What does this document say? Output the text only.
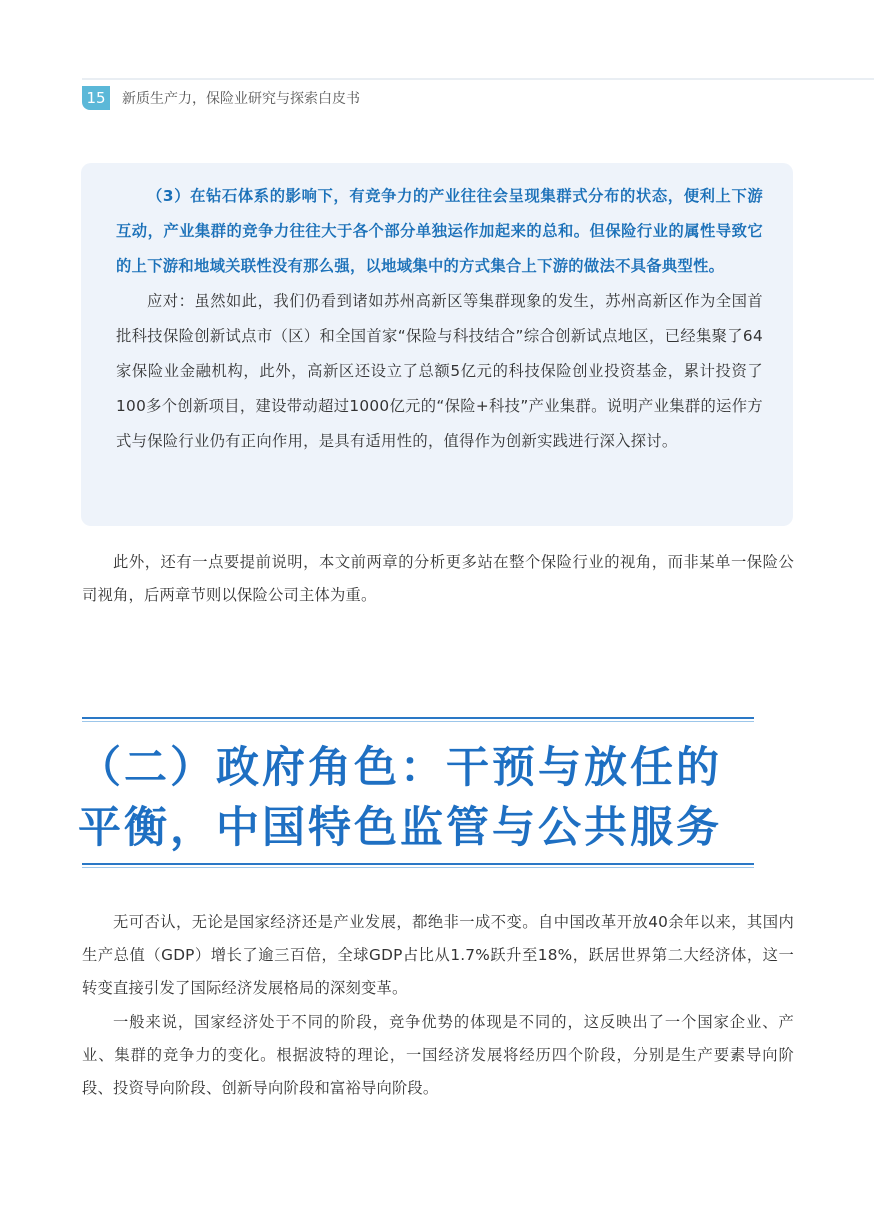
15	新质生产力，保险业研究与探索白皮书

（3）在钻石体系的影响下，有竞争力的产业往往会呈现集群式分布的状态，便利上下游互动，产业集群的竞争力往往大于各个部分单独运作加起来的总和。但保险行业的属性导致它的上下游和地域关联性没有那么强，以地域集中的方式集合上下游的做法不具备典型性。

应对：虽然如此，我们仍看到诸如苏州高新区等集群现象的发生，苏州高新区作为全国首批科技保险创新试点市（区）和全国首家“保险与科技结合”综合创新试点地区，已经集聚了64家保险业金融机构，此外，高新区还设立了总额5亿元的科技保险创业投资基金，累计投资了100多个创新项目，建设带动超过1000亿元的“保险+科技”产业集群。说明产业集群的运作方式与保险行业仍有正向作用，是具有适用性的，值得作为创新实践进行深入探讨。

此外，还有一点要提前说明，本文前两章的分析更多站在整个保险行业的视角，而非某单一保险公司视角，后两章节则以保险公司主体为重。

（二）政府角色：干预与放任的
平衡，中国特色监管与公共服务

无可否认，无论是国家经济还是产业发展，都绝非一成不变。自中国改革开放40余年以来，其国内生产总值（GDP）增长了逾三百倍，全球GDP占比从1.7%跃升至18%，跃居世界第二大经济体，这一转变直接引发了国际经济发展格局的深刻变革。

一般来说，国家经济处于不同的阶段，竞争优势的体现是不同的，这反映出了一个国家企业、产业、集群的竞争力的变化。根据波特的理论，一国经济发展将经历四个阶段，分别是生产要素导向阶段、投资导向阶段、创新导向阶段和富裕导向阶段。
